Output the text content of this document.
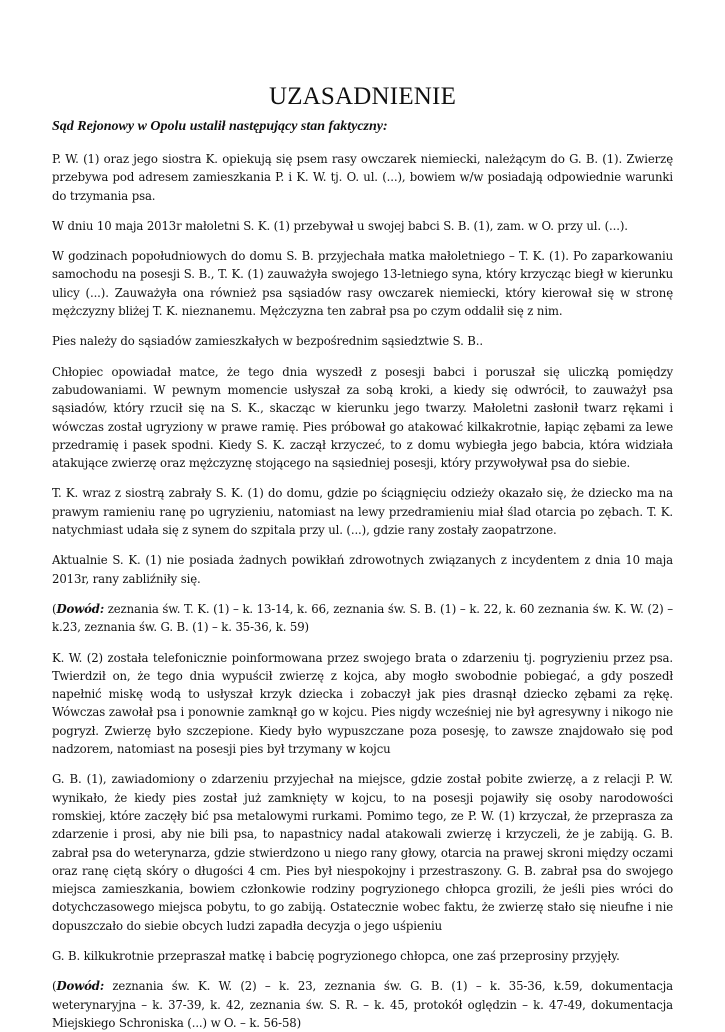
UZASADNIENIE
Sąd Rejonowy w Opolu ustalił następujący stan faktyczny:

P. W. (1) oraz jego siostra K. opiekują się psem rasy owczarek niemiecki, należącym do G. B. (1). Zwierzę przebywa pod adresem zamieszkania P. i K. W. tj. O. ul. (...), bowiem w/w posiadają odpowiednie warunki do trzymania psa.

W dniu 10 maja 2013r małoletni S. K. (1) przebywał u swojej babci S. B. (1), zam. w O. przy ul. (...).

W godzinach popołudniowych do domu S. B. przyjechała matka małoletniego – T. K. (1). Po zaparkowaniu samochodu na posesji S. B., T. K. (1) zauważyła swojego 13-letniego syna, który krzycząc biegł w kierunku ulicy (...). Zauważyła ona również psa sąsiadów rasy owczarek niemiecki, który kierował się w stronę mężczyzny bliżej T. K. nieznanemu. Mężczyzna ten zabrał psa po czym oddalił się z nim.

Pies należy do sąsiadów zamieszkałych w bezpośrednim sąsiedztwie S. B..

Chłopiec opowiadał matce, że tego dnia wyszedł z posesji babci i poruszał się uliczką pomiędzy zabudowaniami. W pewnym momencie usłyszał za sobą kroki, a kiedy się odwrócił, to zauważył psa sąsiadów, który rzucił się na S. K., skacząc w kierunku jego twarzy. Małoletni zasłonił twarz rękami i wówczas został ugryziony w prawe ramię. Pies próbował go atakować kilkakrotnie, łapiąc zębami za lewe przedramię i pasek spodni. Kiedy S. K. zaczął krzyczeć, to z domu wybiegła jego babcia, która widziała atakujące zwierzę oraz mężczyznę stojącego na sąsiedniej posesji, który przywoływał psa do siebie.

T. K. wraz z siostrą zabrały S. K. (1) do domu, gdzie po ściągnięciu odzieży okazało się, że dziecko ma na prawym ramieniu ranę po ugryzieniu, natomiast na lewy przedramieniu miał ślad otarcia po zębach. T. K. natychmiast udała się z synem do szpitala przy ul. (...), gdzie rany zostały zaopatrzone.

Aktualnie S. K. (1) nie posiada żadnych powikłań zdrowotnych związanych z incydentem z dnia 10 maja 2013r, rany zabliźniły się.

(Dowód: zeznania św. T. K. (1) – k. 13-14, k. 66, zeznania św. S. B. (1) – k. 22, k. 60 zeznania św. K. W. (2) – k.23, zeznania św. G. B. (1) – k. 35-36, k. 59)

K. W. (2) została telefonicznie poinformowana przez swojego brata o zdarzeniu tj. pogryzieniu przez psa. Twierdził on, że tego dnia wypuścił zwierzę z kojca, aby mogło swobodnie pobiegać, a gdy poszedł napełnić miskę wodą to usłyszał krzyk dziecka i zobaczył jak pies drasnął dziecko zębami za rękę. Wówczas zawołał psa i ponownie zamknął go w kojcu. Pies nigdy wcześniej nie był agresywny i nikogo nie pogryzł. Zwierzę było szczepione. Kiedy było wypuszczane poza posesję, to zawsze znajdowało się pod nadzorem, natomiast na posesji pies był trzymany w kojcu

G. B. (1), zawiadomiony o zdarzeniu przyjechał na miejsce, gdzie został pobite zwierzę, a z relacji P. W. wynikało, że kiedy pies został już zamknięty w kojcu, to na posesji pojawiły się osoby narodowości romskiej, które zaczęły bić psa metalowymi rurkami. Pomimo tego, ze P. W. (1) krzyczał, że przeprasza za zdarzenie i prosi, aby nie bili psa, to napastnicy nadal atakowali zwierzę i krzyczeli, że je zabiją. G. B. zabrał psa do weterynarza, gdzie stwierdzono u niego rany głowy, otarcia na prawej skroni między oczami oraz ranę ciętą skóry o długości 4 cm. Pies był niespokojny i przestraszony. G. B. zabrał psa do swojego miejsca zamieszkania, bowiem członkowie rodziny pogryzionego chłopca grozili, że jeśli pies wróci do dotychczasowego miejsca pobytu, to go zabiją. Ostatecznie wobec faktu, że zwierzę stało się nieufne i nie dopuszczało do siebie obcych ludzi zapadła decyzja o jego uśpieniu

G. B. kilkukrotnie przepraszał matkę i babcię pogryzionego chłopca, one zaś przeprosiny przyjęły.

(Dowód: zeznania św. K. W. (2) – k. 23, zeznania św. G. B. (1) – k. 35-36, k.59, dokumentacja weterynaryjna – k. 37-39, k. 42, zeznania św. S. R. – k. 45, protokół oględzin – k. 47-49, dokumentacja Miejskiego Schroniska (...) w O. – k. 56-58)
